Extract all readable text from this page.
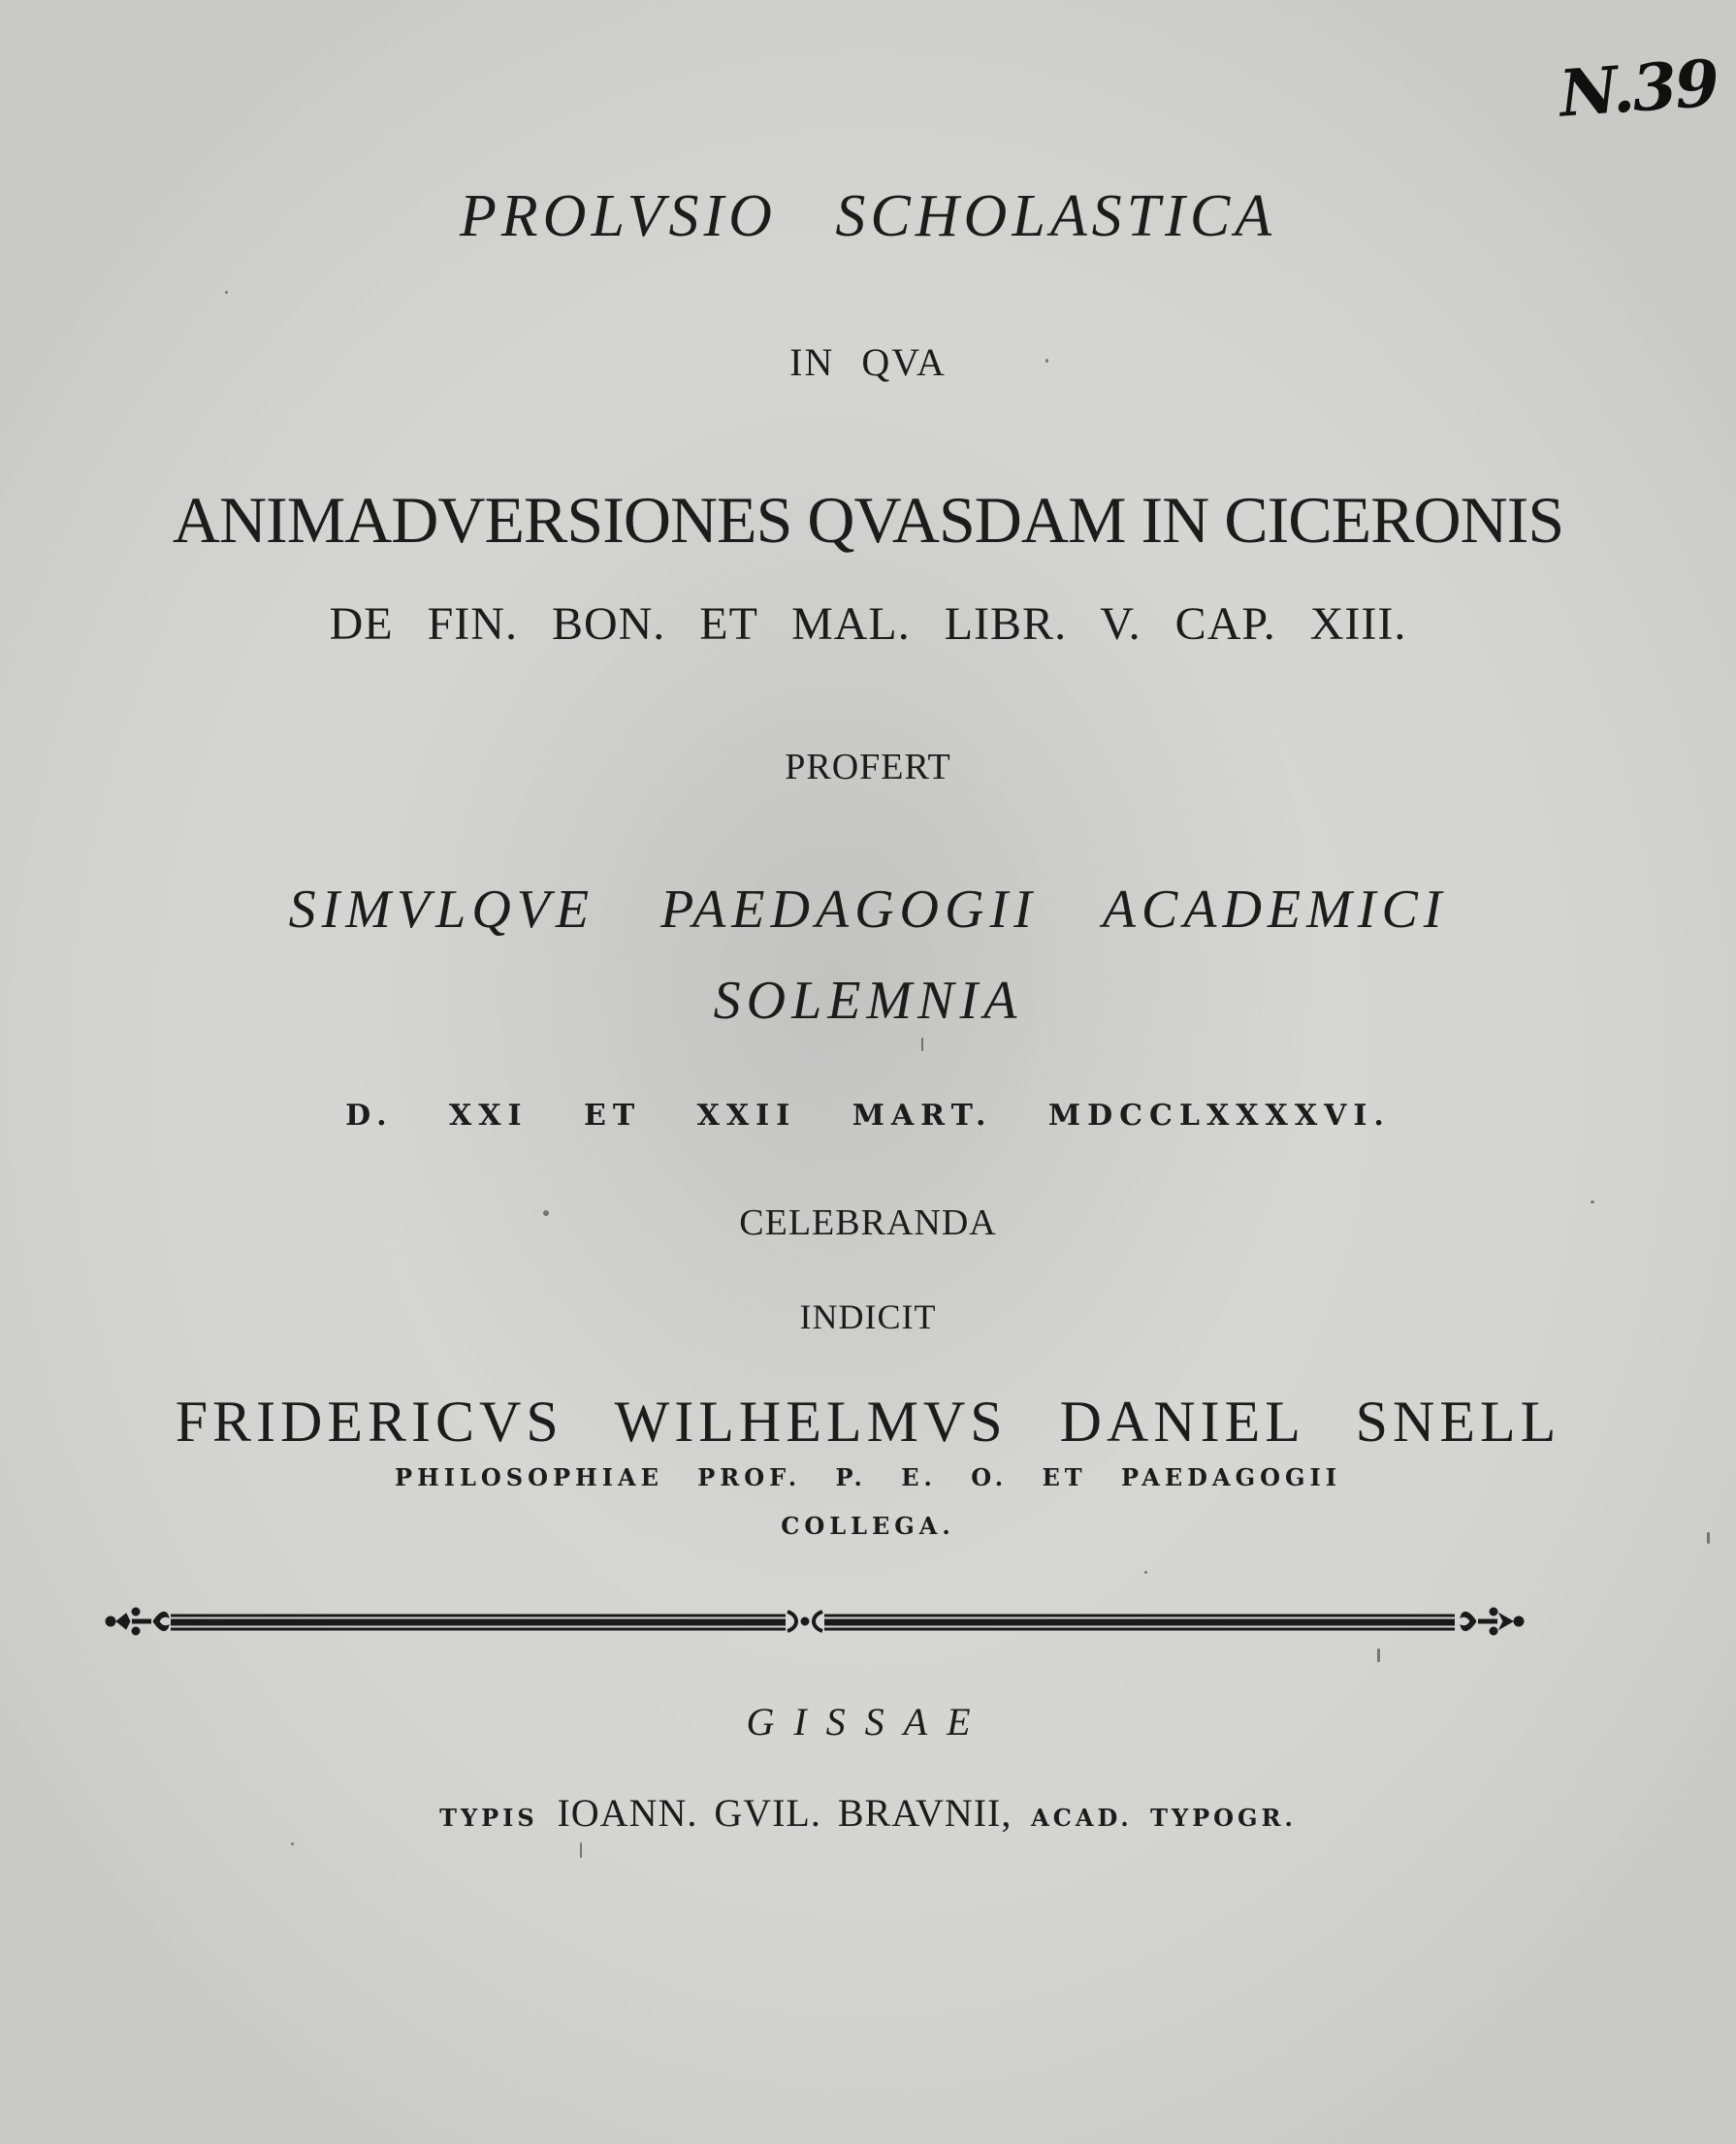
N.39
PROLVSIO SCHOLASTICA
IN QVA
ANIMADVERSIONES QVASDAM IN CICERONIS
DE FIN. BON. ET MAL. LIBR. V. CAP. XIII.
PROFERT
SIMVLQVE PAEDAGOGII ACADEMICI
SOLEMNIA
D. XXI ET XXII MART. MDCCLXXXXVI.
CELEBRANDA
INDICIT
FRIDERICVS WILHELMVS DANIEL SNELL
PHILOSOPHIAE PROF. P. E. O. ET PAEDAGOGII
COLLEGA.
GISSAE
TYPIS IOANN. GVIL. BRAVNII, ACAD. TYPOGR.
